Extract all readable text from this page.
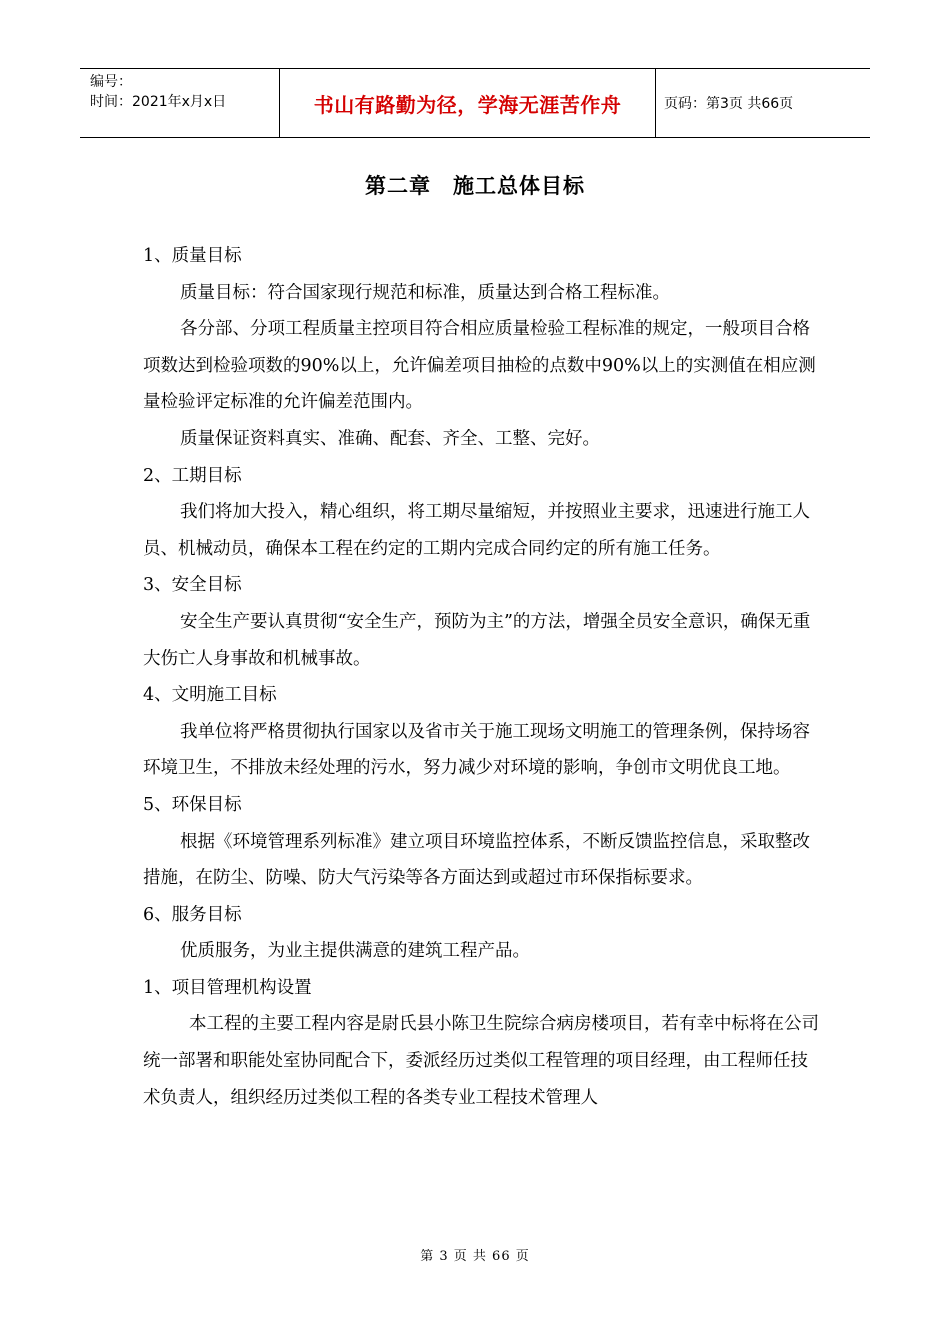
编号：
时间：2021年x月x日	书山有路勤为径，学海无涯苦作舟	页码：第3页 共66页
第二章　施工总体目标

1、质量目标

质量目标：符合国家现行规范和标准，质量达到合格工程标准。

各分部、分项工程质量主控项目符合相应质量检验工程标准的规定，一般项目合格项数达到检验项数的90%以上，允许偏差项目抽检的点数中90%以上的实测值在相应测量检验评定标准的允许偏差范围内。

质量保证资料真实、准确、配套、齐全、工整、完好。

2、工期目标

我们将加大投入，精心组织，将工期尽量缩短，并按照业主要求，迅速进行施工人员、机械动员，确保本工程在约定的工期内完成合同约定的所有施工任务。

3、安全目标

安全生产要认真贯彻“安全生产，预防为主”的方法，增强全员安全意识，确保无重大伤亡人身事故和机械事故。

4、文明施工目标

我单位将严格贯彻执行国家以及省市关于施工现场文明施工的管理条例，保持场容环境卫生，不排放未经处理的污水，努力减少对环境的影响，争创市文明优良工地。

5、环保目标

根据《环境管理系列标准》建立项目环境监控体系，不断反馈监控信息，采取整改措施，在防尘、防噪、防大气污染等各方面达到或超过市环保指标要求。

6、服务目标

优质服务，为业主提供满意的建筑工程产品。

1、项目管理机构设置

本工程的主要工程内容是尉氏县小陈卫生院综合病房楼项目，若有幸中标将在公司统一部署和职能处室协同配合下，委派经历过类似工程管理的项目经理，由工程师任技术负责人，组织经历过类似工程的各类专业工程技术管理人

第 3 页 共 66 页
